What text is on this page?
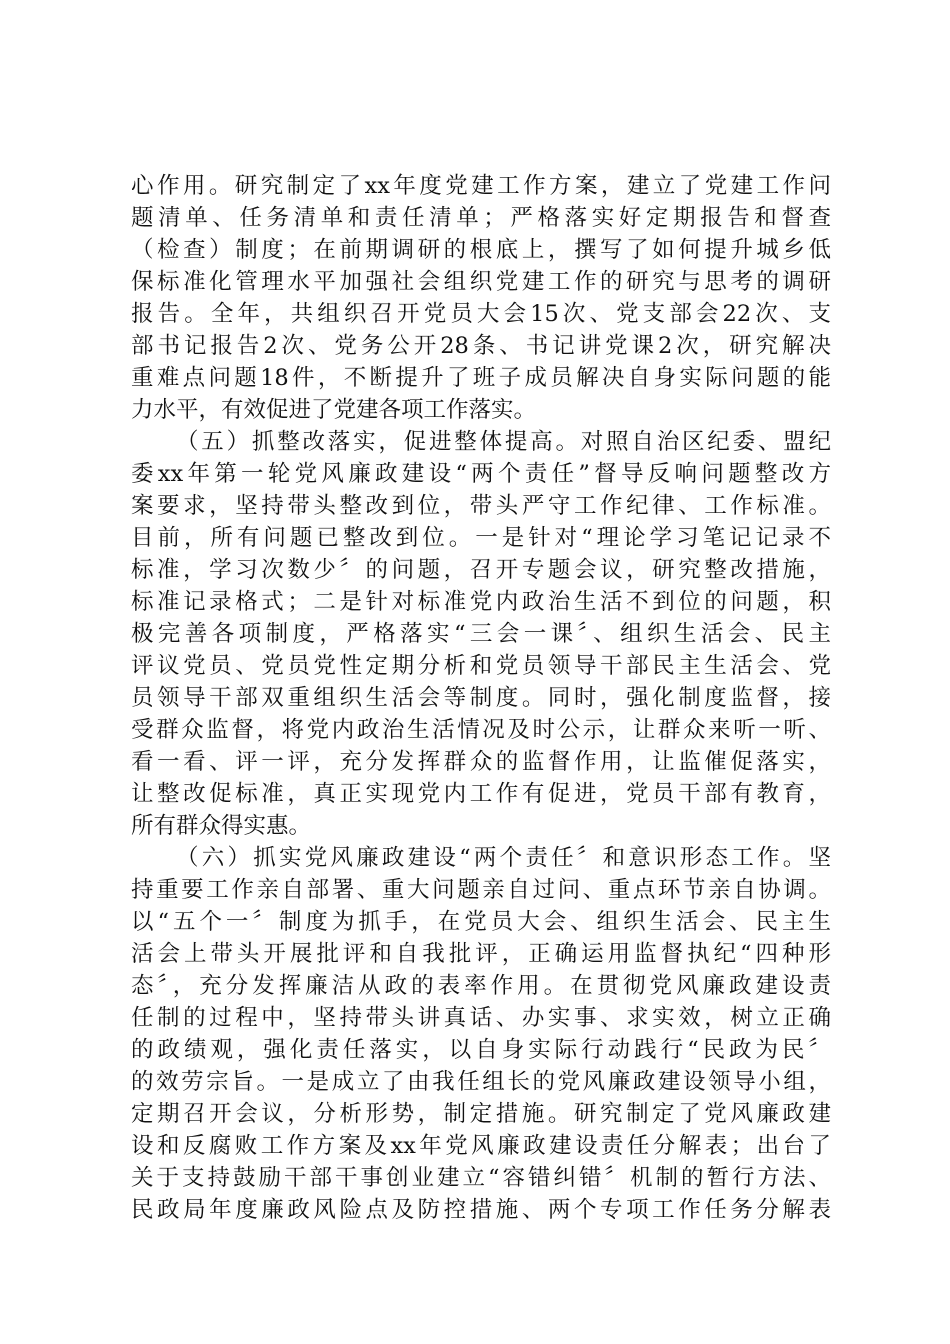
心作用。研究制定了xx年度党建工作方案，建立了党建工作问
题清单、任务清单和责任清单；严格落实好定期报告和督查
（检查）制度；在前期调研的根底上，撰写了如何提升城乡低
保标准化管理水平加强社会组织党建工作的研究与思考的调研
报告。全年，共组织召开党员大会15次、党支部会22次、支
部书记报告2次、党务公开28条、书记讲党课2次，研究解决
重难点问题18件，不断提升了班子成员解决自身实际问题的能
力水平，有效促进了党建各项工作落实。
（五）抓整改落实，促进整体提高。对照自治区纪委、盟纪
委xx年第一轮党风廉政建设“两个责任”督导反响问题整改方
案要求，坚持带头整改到位，带头严守工作纪律、工作标准。
目前，所有问题已整改到位。一是针对“理论学习笔记记录不
标准，学习次数少〞的问题，召开专题会议，研究整改措施，
标准记录格式；二是针对标准党内政治生活不到位的问题，积
极完善各项制度，严格落实“三会一课〞、组织生活会、民主
评议党员、党员党性定期分析和党员领导干部民主生活会、党
员领导干部双重组织生活会等制度。同时，强化制度监督，接
受群众监督，将党内政治生活情况及时公示，让群众来听一听、
看一看、评一评，充分发挥群众的监督作用，让监催促落实，
让整改促标准，真正实现党内工作有促进，党员干部有教育，
所有群众得实惠。
（六）抓实党风廉政建设“两个责任〞和意识形态工作。坚
持重要工作亲自部署、重大问题亲自过问、重点环节亲自协调。
以“五个一〞制度为抓手，在党员大会、组织生活会、民主生
活会上带头开展批评和自我批评，正确运用监督执纪“四种形
态〞，充分发挥廉洁从政的表率作用。在贯彻党风廉政建设责
任制的过程中，坚持带头讲真话、办实事、求实效，树立正确
的政绩观，强化责任落实，以自身实际行动践行“民政为民〞
的效劳宗旨。一是成立了由我任组长的党风廉政建设领导小组，
定期召开会议，分析形势，制定措施。研究制定了党风廉政建
设和反腐败工作方案及xx年党风廉政建设责任分解表；出台了
关于支持鼓励干部干事创业建立“容错纠错〞机制的暂行方法、
民政局年度廉政风险点及防控措施、两个专项工作任务分解表
